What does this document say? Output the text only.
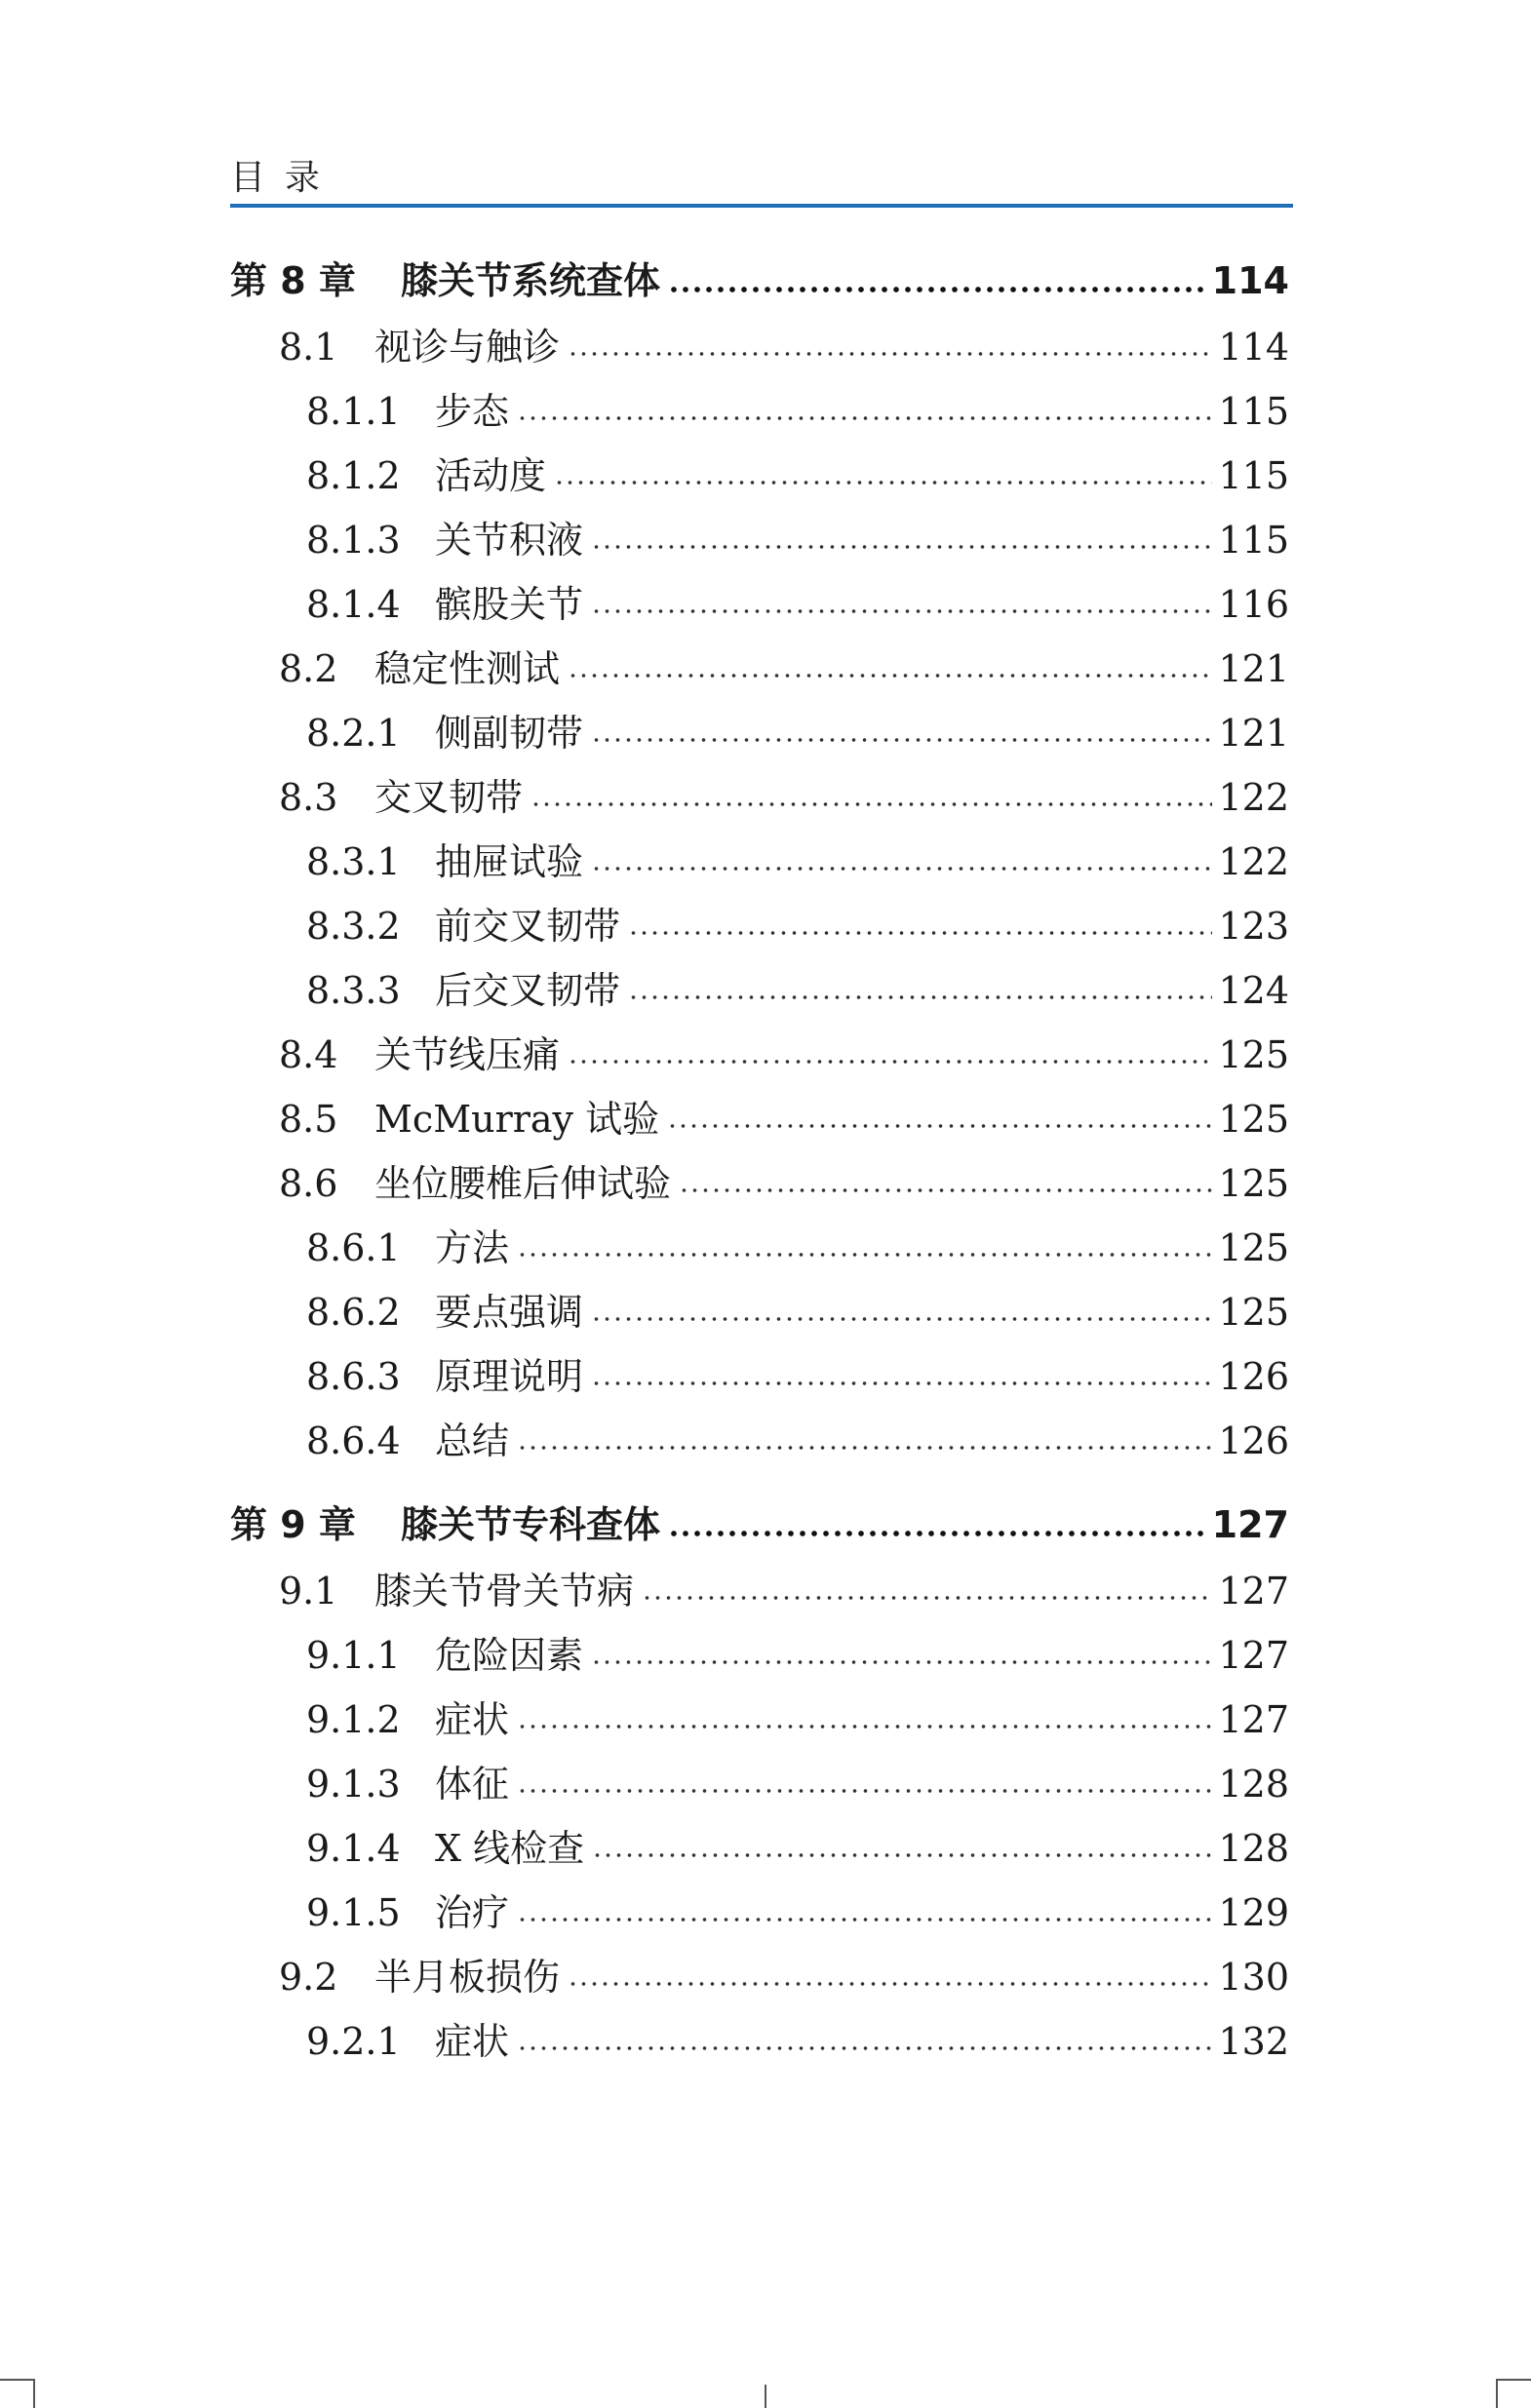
目录
第 8 章	膝关节系统查体	114
8.1 视诊与触诊	114
8.1.1 步态	115
8.1.2 活动度	115
8.1.3 关节积液	115
8.1.4 髌股关节	116
8.2 稳定性测试	121
8.2.1 侧副韧带	121
8.3 交叉韧带	122
8.3.1 抽屉试验	122
8.3.2 前交叉韧带	123
8.3.3 后交叉韧带	124
8.4 关节线压痛	125
8.5 McMurray 试验	125
8.6 坐位腰椎后伸试验	125
8.6.1 方法	125
8.6.2 要点强调	125
8.6.3 原理说明	126
8.6.4 总结	126
第 9 章	膝关节专科查体	127
9.1 膝关节骨关节病	127
9.1.1 危险因素	127
9.1.2 症状	127
9.1.3 体征	128
9.1.4 X 线检查	128
9.1.5 治疗	129
9.2 半月板损伤	130
9.2.1 症状	132
